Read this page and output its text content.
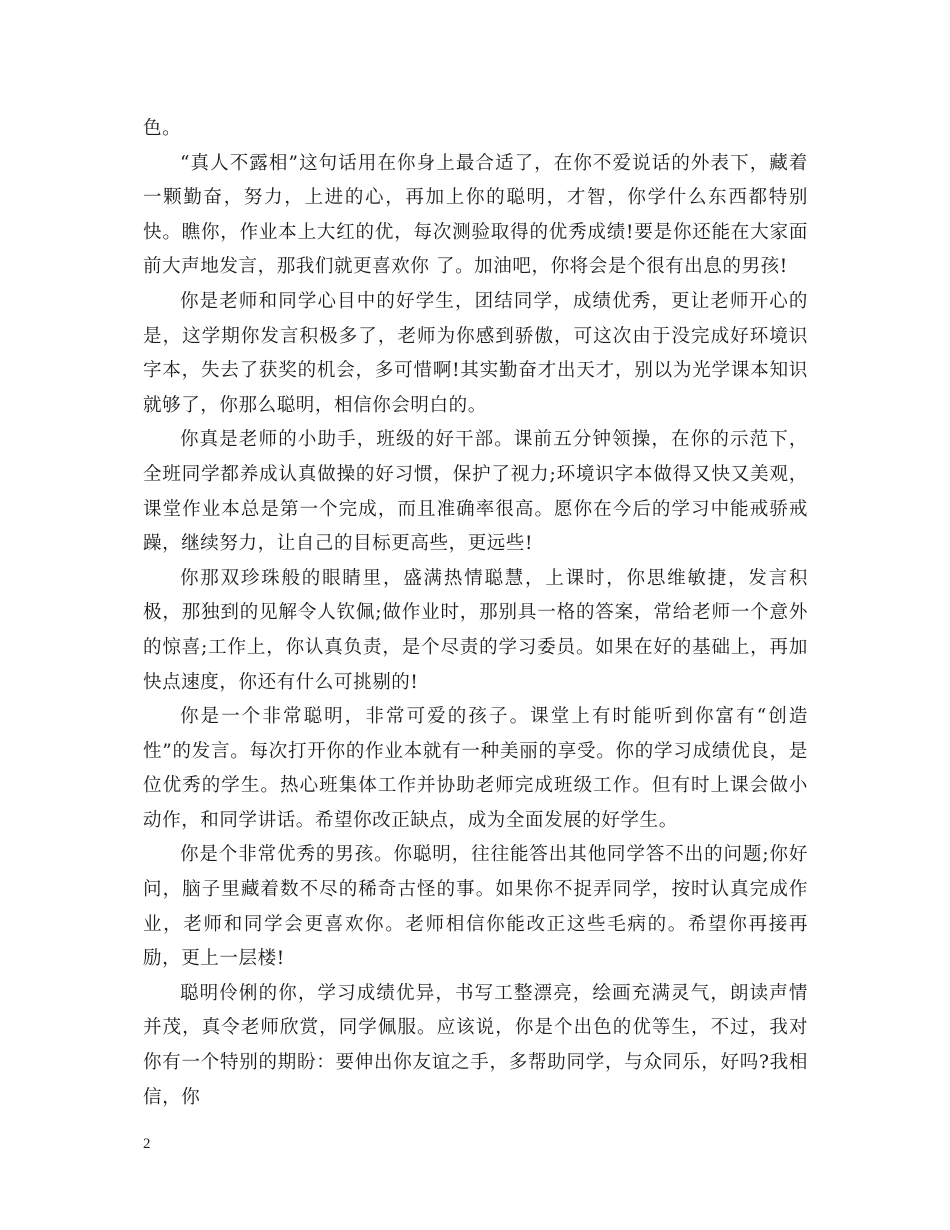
色。

“真人不露相”这句话用在你身上最合适了，在你不爱说话的外表下，藏着一颗勤奋，努力，上进的心，再加上你的聪明，才智，你学什么东西都特别快。瞧你，作业本上大红的优，每次测验取得的优秀成绩!要是你还能在大家面前大声地发言，那我们就更喜欢你 了。加油吧，你将会是个很有出息的男孩!

你是老师和同学心目中的好学生，团结同学，成绩优秀，更让老师开心的是，这学期你发言积极多了，老师为你感到骄傲，可这次由于没完成好环境识字本，失去了获奖的机会，多可惜啊!其实勤奋才出天才，别以为光学课本知识就够了，你那么聪明，相信你会明白的。

你真是老师的小助手，班级的好干部。课前五分钟领操，在你的示范下，全班同学都养成认真做操的好习惯，保护了视力;环境识字本做得又快又美观，课堂作业本总是第一个完成，而且准确率很高。愿你在今后的学习中能戒骄戒躁，继续努力，让自己的目标更高些，更远些!

你那双珍珠般的眼睛里，盛满热情聪慧，上课时，你思维敏捷，发言积极，那独到的见解令人钦佩;做作业时，那别具一格的答案，常给老师一个意外的惊喜;工作上，你认真负责，是个尽责的学习委员。如果在好的基础上，再加快点速度，你还有什么可挑剔的!

你是一个非常聪明，非常可爱的孩子。课堂上有时能听到你富有“创造性”的发言。每次打开你的作业本就有一种美丽的享受。你的学习成绩优良，是位优秀的学生。热心班集体工作并协助老师完成班级工作。但有时上课会做小动作，和同学讲话。希望你改正缺点，成为全面发展的好学生。

你是个非常优秀的男孩。你聪明，往往能答出其他同学答不出的问题;你好问，脑子里藏着数不尽的稀奇古怪的事。如果你不捉弄同学，按时认真完成作业，老师和同学会更喜欢你。老师相信你能改正这些毛病的。希望你再接再励，更上一层楼!

聪明伶俐的你，学习成绩优异，书写工整漂亮，绘画充满灵气，朗读声情并茂，真令老师欣赏，同学佩服。应该说，你是个出色的优等生，不过，我对你有一个特别的期盼：要伸出你友谊之手，多帮助同学，与众同乐，好吗?我相信，你

2
